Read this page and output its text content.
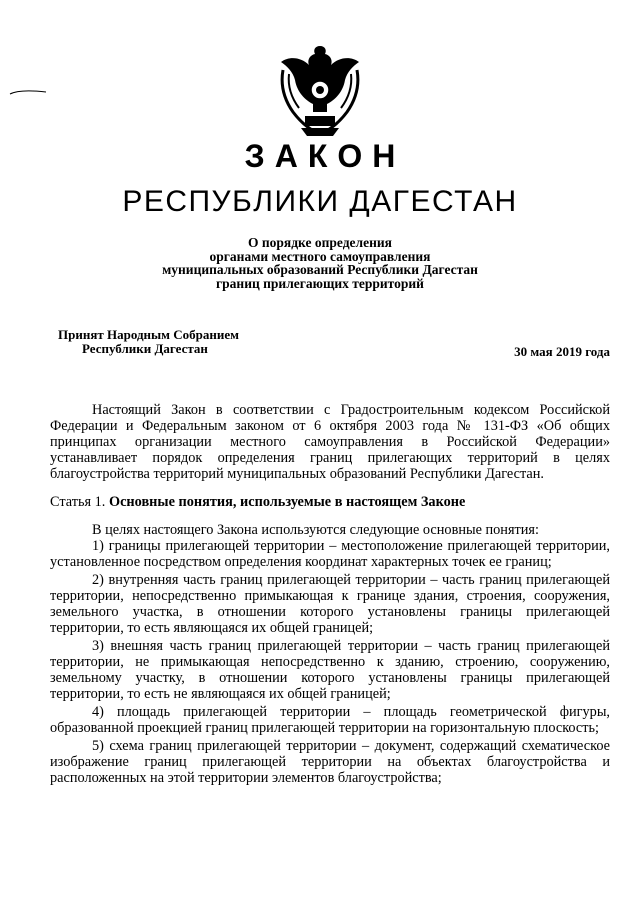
ЗАКОН
РЕСПУБЛИКИ ДАГЕСТАН
О порядке определения
органами местного самоуправления
муниципальных образований Республики Дагестан
границ прилегающих территорий
Принят Народным Собранием
Республики Дагестан	30 мая 2019 года

Настоящий Закон в соответствии с Градостроительным кодексом Российской Федерации и Федеральным законом от 6 октября 2003 года № 131-ФЗ «Об общих принципах организации местного самоуправления в Российской Федерации» устанавливает порядок определения границ прилегающих территорий в целях благоустройства территорий муниципальных образований Республики Дагестан.

Статья 1. Основные понятия, используемые в настоящем Законе

В целях настоящего Закона используются следующие основные понятия:

1) границы прилегающей территории – местоположение прилегающей территории, установленное посредством определения координат характерных точек ее границ;

2) внутренняя часть границ прилегающей территории – часть границ прилегающей территории, непосредственно примыкающая к границе здания, строения, сооружения, земельного участка, в отношении которого установлены границы прилегающей территории, то есть являющаяся их общей границей;

3) внешняя часть границ прилегающей территории – часть границ прилегающей территории, не примыкающая непосредственно к зданию, строению, сооружению, земельному участку, в отношении которого установлены границы прилегающей территории, то есть не являющаяся их общей границей;

4) площадь прилегающей территории – площадь геометрической фигуры, образованной проекцией границ прилегающей территории на горизонтальную плоскость;

5) схема границ прилегающей территории – документ, содержащий схематическое изображение границ прилегающей территории на объектах благоустройства и расположенных на этой территории элементов благоустройства;
